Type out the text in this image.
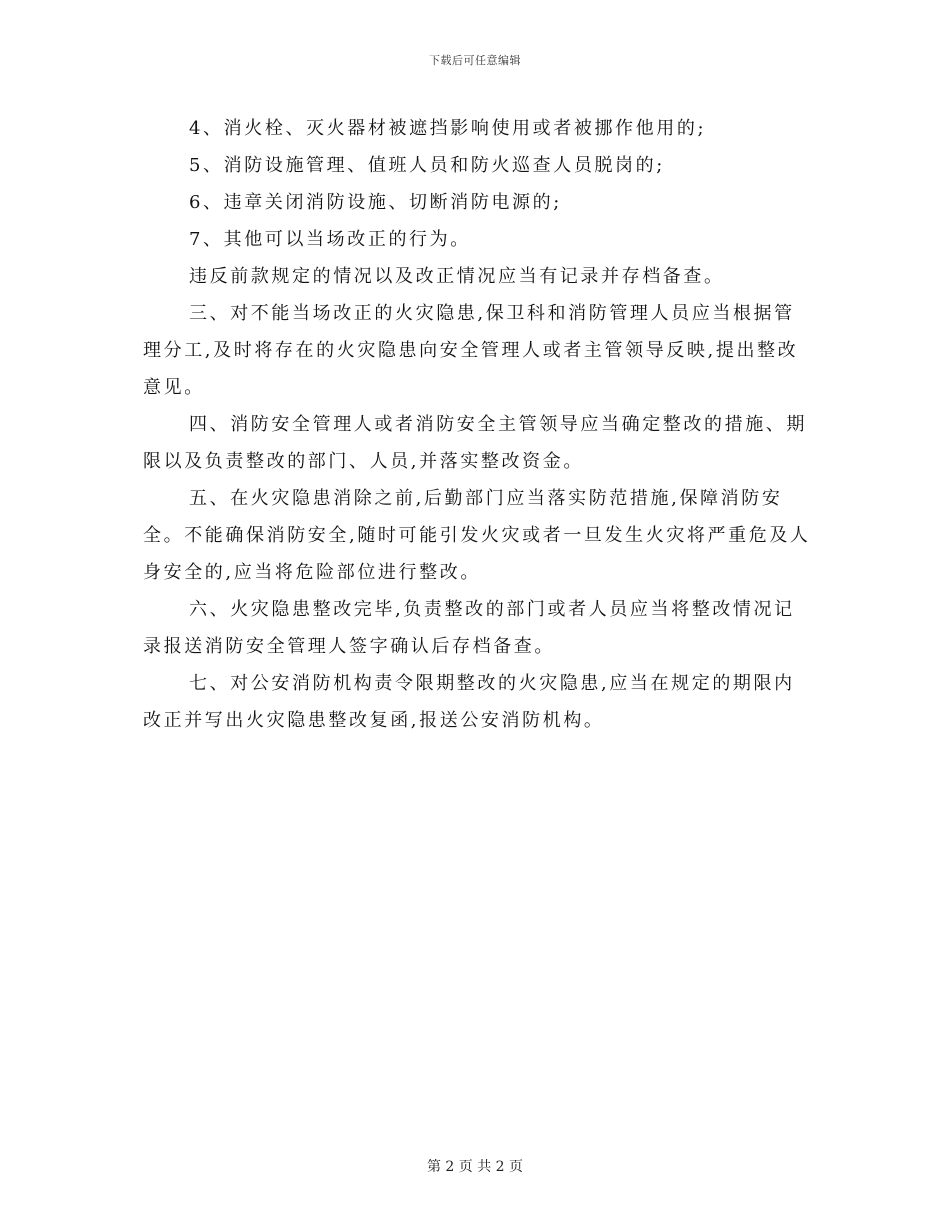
下载后可任意编辑

4、消火栓、灭火器材被遮挡影响使用或者被挪作他用的;

5、消防设施管理、值班人员和防火巡查人员脱岗的;

6、违章关闭消防设施、切断消防电源的;

7、其他可以当场改正的行为。

违反前款规定的情况以及改正情况应当有记录并存档备查。

三、对不能当场改正的火灾隐患,保卫科和消防管理人员应当根据管理分工,及时将存在的火灾隐患向安全管理人或者主管领导反映,提出整改意见。

四、消防安全管理人或者消防安全主管领导应当确定整改的措施、期限以及负责整改的部门、人员,并落实整改资金。

五、在火灾隐患消除之前,后勤部门应当落实防范措施,保障消防安全。不能确保消防安全,随时可能引发火灾或者一旦发生火灾将严重危及人身安全的,应当将危险部位进行整改。

六、火灾隐患整改完毕,负责整改的部门或者人员应当将整改情况记录报送消防安全管理人签字确认后存档备查。

七、对公安消防机构责令限期整改的火灾隐患,应当在规定的期限内改正并写出火灾隐患整改复函,报送公安消防机构。

第 2 页 共 2 页
